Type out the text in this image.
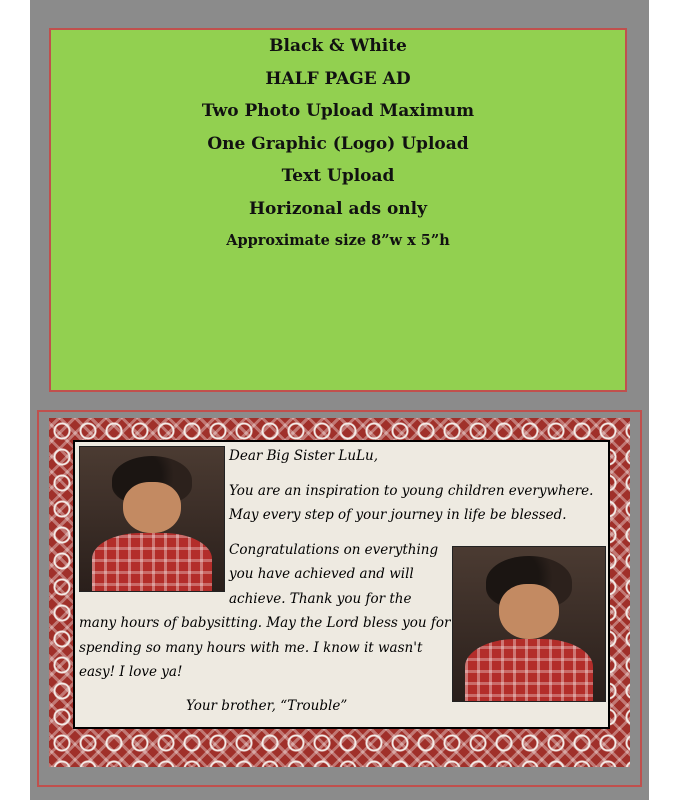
Black & White
HALF PAGE AD
Two Photo Upload Maximum
One Graphic (Logo) Upload
Text Upload
Horizonal ads only
Approximate size 8”w x 5”h
Dear Big Sister LuLu,
You are an inspiration to young children everywhere.
May every step of your journey in life be blessed.
Congratulations on everything
you have achieved and will
achieve. Thank you for the
many hours of babysitting. May the Lord bless you for
spending so many hours with me. I know it wasn't
easy! I love ya!
Your brother, “Trouble”
